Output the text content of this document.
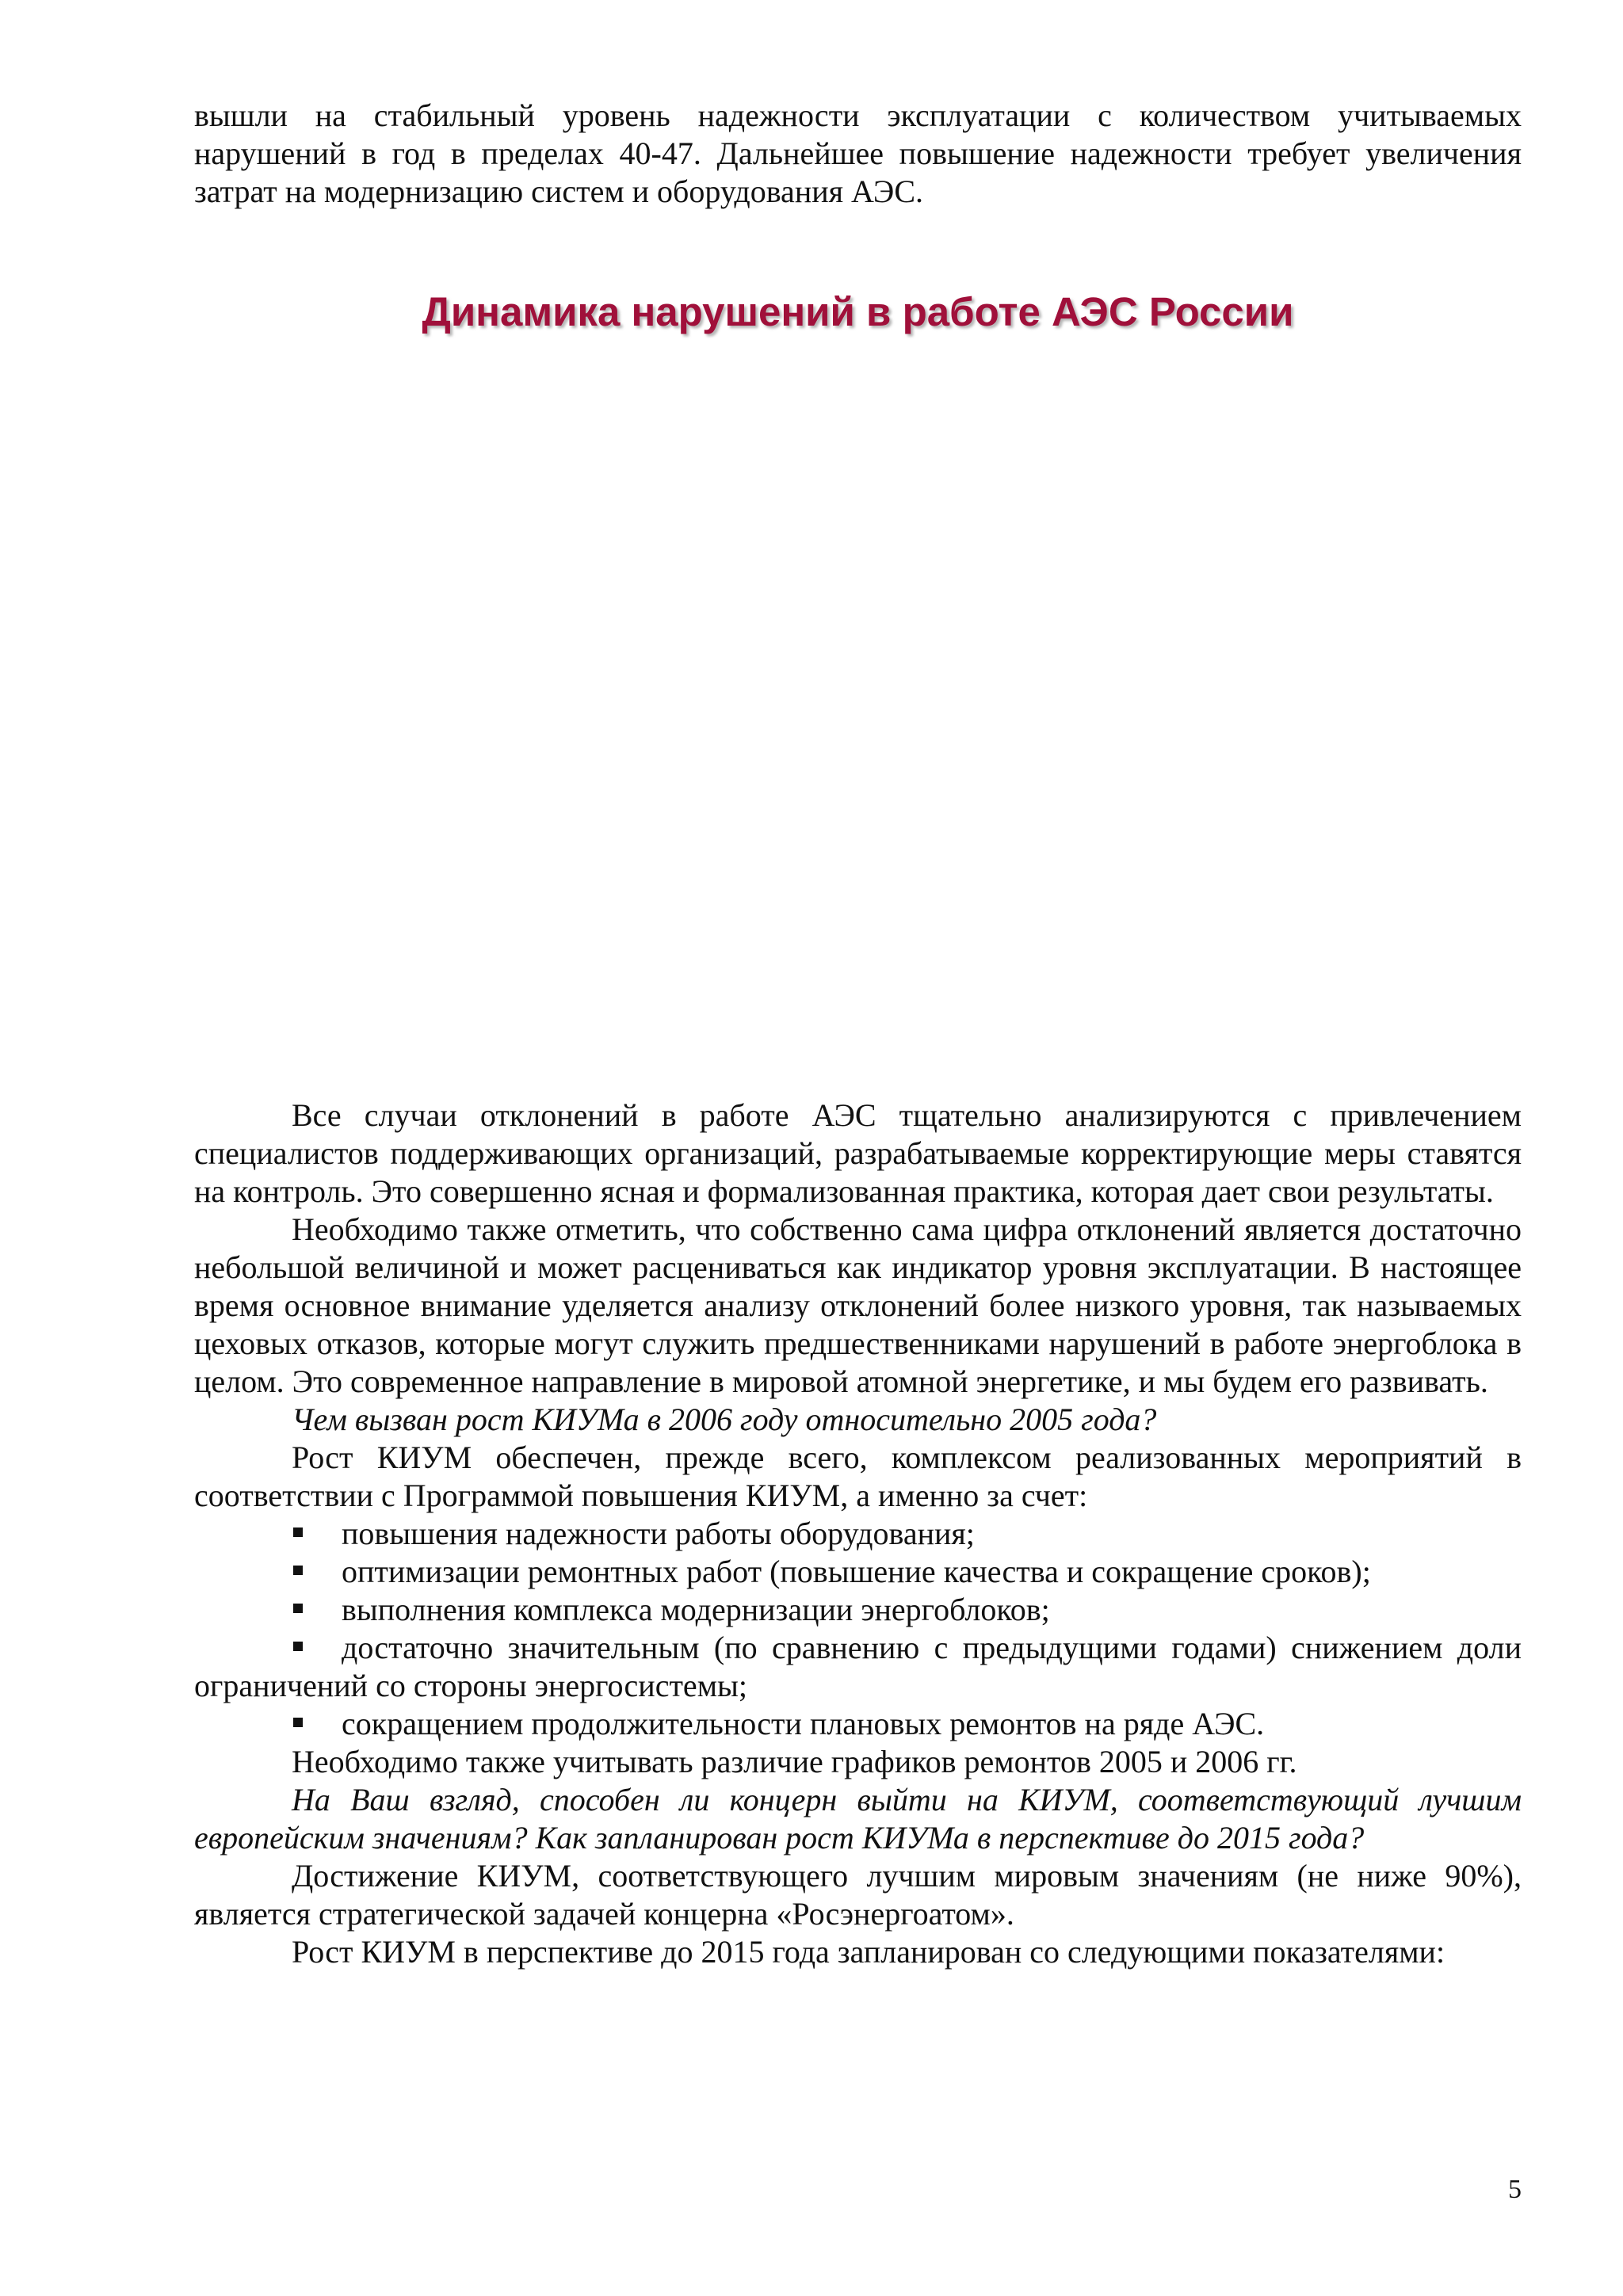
вышли на стабильный уровень надежности эксплуатации с количеством учитываемых нарушений в год в пределах 40-47. Дальнейшее повышение надежности требует увеличения затрат на модернизацию систем и оборудования АЭС.

Динамика нарушений в работе АЭС России

Все случаи отклонений в работе АЭС тщательно анализируются с привлечением специалистов поддерживающих организаций, разрабатываемые корректирующие меры ставятся на контроль. Это совершенно ясная и формализованная практика, которая дает свои результаты.

Необходимо также отметить, что собственно сама цифра отклонений является достаточно небольшой величиной и может расцениваться как индикатор уровня эксплуатации. В настоящее время основное внимание уделяется анализу отклонений более низкого уровня, так называемых цеховых отказов, которые могут служить предшественниками нарушений в работе энергоблока в целом. Это современное направление в мировой атомной энергетике, и мы будем его развивать.

Чем вызван рост КИУМа в 2006 году относительно 2005 года?

Рост КИУМ обеспечен, прежде всего, комплексом реализованных мероприятий в соответствии с Программой повышения КИУМ, а именно за счет:

повышения надежности работы оборудования;
оптимизации ремонтных работ (повышение качества и сокращение сроков);
выполнения комплекса модернизации энергоблоков;
достаточно значительным (по сравнению с предыдущими годами) снижением доли ограничений со стороны энергосистемы;
сокращением продолжительности плановых ремонтов на ряде АЭС.

Необходимо также учитывать различие графиков ремонтов 2005 и 2006 гг.

На Ваш взгляд, способен ли концерн выйти на КИУМ, соответствующий лучшим европейским значениям? Как запланирован рост КИУМа в перспективе до 2015 года?

Достижение КИУМ, соответствующего лучшим мировым значениям (не ниже 90%), является стратегической задачей концерна «Росэнергоатом».

Рост КИУМ в перспективе до 2015 года запланирован со следующими показателями:

5
